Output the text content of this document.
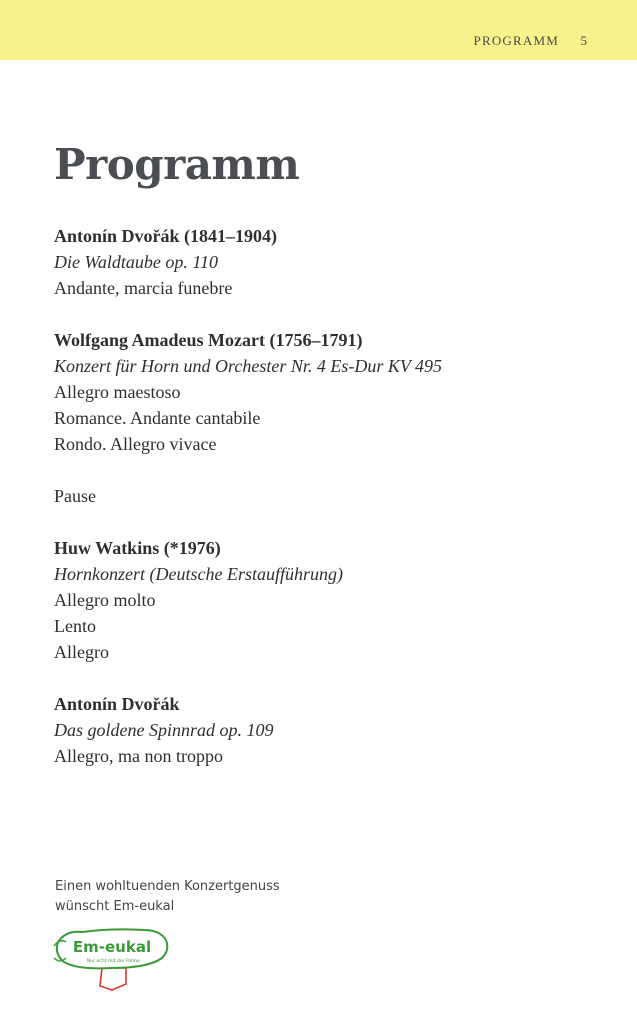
PROGRAMM 5
Programm
Antonín Dvořák (1841–1904)
Die Waldtaube op. 110
Andante, marcia funebre
Wolfgang Amadeus Mozart (1756–1791)
Konzert für Horn und Orchester Nr. 4 Es-Dur KV 495
Allegro maestoso
Romance. Andante cantabile
Rondo. Allegro vivace
Pause
Huw Watkins (*1976)
Hornkonzert (Deutsche Erstaufführung)
Allegro molto
Lento
Allegro
Antonín Dvořák
Das goldene Spinnrad op. 109
Allegro, ma non troppo
Einen wohltuenden Konzertgenuss
wünscht Em-eukal
Em-eukal
Nur echt mit der Fahne.
